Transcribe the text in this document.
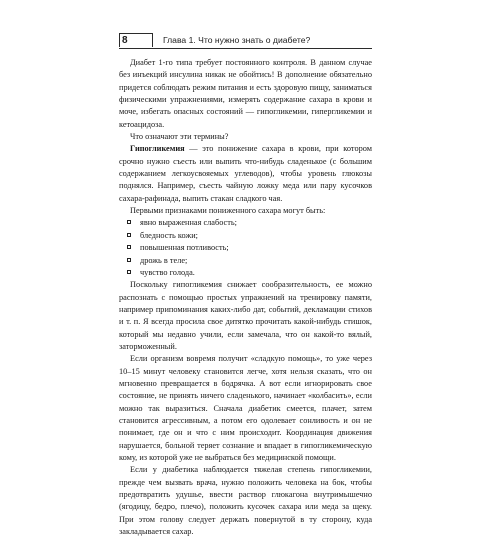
8	Глава 1. Что нужно знать о диабете?

Диабет 1-го типа требует постоянного контроля. В данном случае без инъекций инсулина никак не обойтись! В дополнение обязательно придется соблюдать режим питания и есть здоровую пищу, заниматься физическими упражнениями, измерять содержание сахара в крови и моче, избегать опасных состояний — гипогликемии, гипергликемии и кетоацидоза.

Что означают эти термины?

Гипогликемия — это понижение сахара в крови, при котором срочно нужно съесть или выпить что-нибудь сладенькое (с большим содержанием легкоусвояемых углеводов), чтобы уровень глюкозы поднялся. Например, съесть чайную ложку меда или пару кусочков сахара-рафинада, выпить стакан сладкого чая.

Первыми признаками пониженного сахара могут быть:

явно выраженная слабость;
бледность кожи;
повышенная потливость;
дрожь в теле;
чувство голода.

Поскольку гипогликемия снижает сообразительность, ее можно распознать с помощью простых упражнений на тренировку памяти, например припоминания каких-либо дат, событий, декламации стихов и т. п. Я всегда просила свое дитятко прочитать какой-нибудь стишок, который мы недавно учили, если замечала, что он какой-то вялый, заторможенный.

Если организм вовремя получит «сладкую помощь», то уже через 10–15 минут человеку становится легче, хотя нельзя сказать, что он мгновенно превращается в бодрячка. А вот если игнорировать свое состояние, не принять ничего сладенького, начинает «колбасить», если можно так выразиться. Сначала диабетик смеется, плачет, затем становится агрессивным, а потом его одолевает сонливость и он не понимает, где он и что с ним происходит. Координация движения нарушается, больной теряет сознание и впадает в гипогликемическую кому, из которой уже не выбраться без медицинской помощи.

Если у диабетика наблюдается тяжелая степень гипогликемии, прежде чем вызвать врача, нужно положить человека на бок, чтобы предотвратить удушье, ввести раствор глюкагона внутримышечно (ягодицу, бедро, плечо), положить кусочек сахара или меда за щеку. При этом голову следует держать повернутой в ту сторону, куда закладывается сахар.
